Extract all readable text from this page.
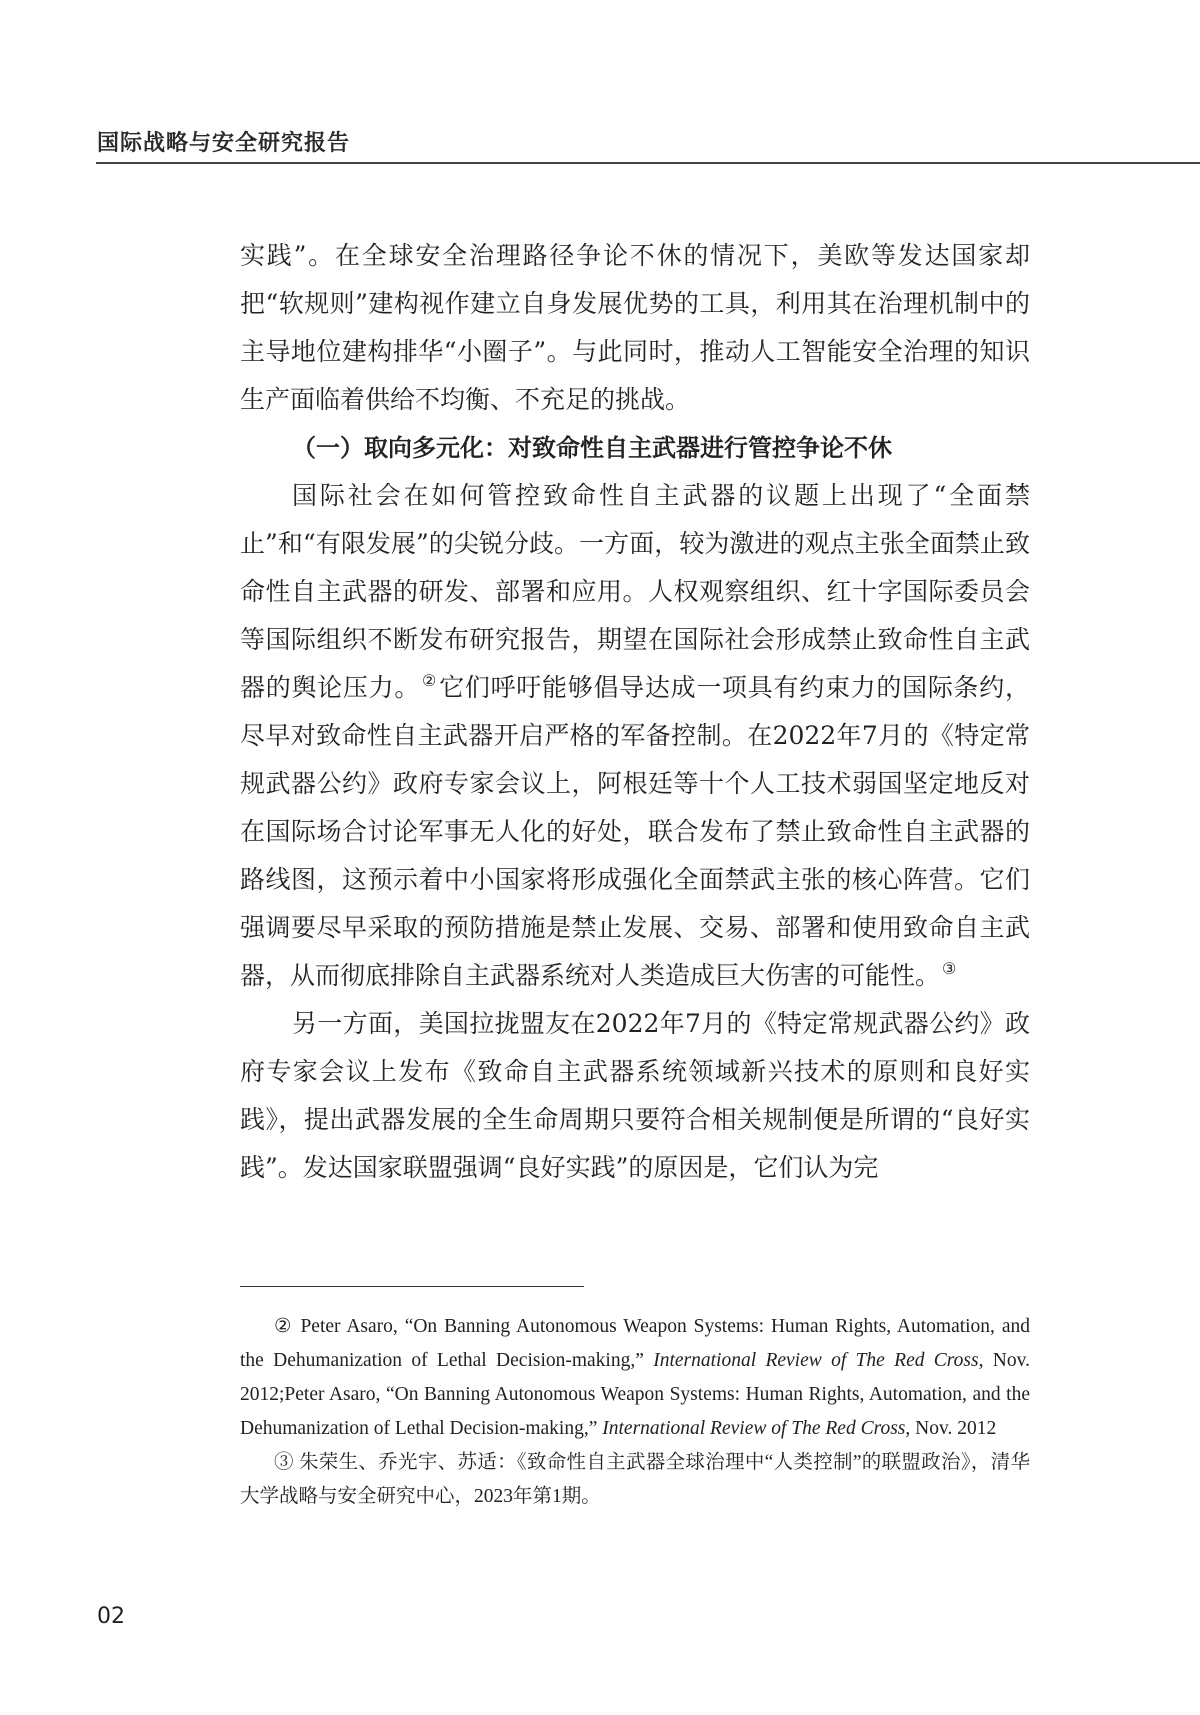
国际战略与安全研究报告

实践”。在全球安全治理路径争论不休的情况下，美欧等发达国家却把“软规则”建构视作建立自身发展优势的工具，利用其在治理机制中的主导地位建构排华“小圈子”。与此同时，推动人工智能安全治理的知识生产面临着供给不均衡、不充足的挑战。

（一）取向多元化：对致命性自主武器进行管控争论不休

国际社会在如何管控致命性自主武器的议题上出现了“全面禁止”和“有限发展”的尖锐分歧。一方面，较为激进的观点主张全面禁止致命性自主武器的研发、部署和应用。人权观察组织、红十字国际委员会等国际组织不断发布研究报告，期望在国际社会形成禁止致命性自主武器的舆论压力。 ②它们呼吁能够倡导达成一项具有约束力的国际条约，尽早对致命性自主武器开启严格的军备控制。在2022年7月的《特定常规武器公约》政府专家会议上，阿根廷等十个人工技术弱国坚定地反对在国际场合讨论军事无人化的好处，联合发布了禁止致命性自主武器的路线图，这预示着中小国家将形成强化全面禁武主张的核心阵营。它们强调要尽早采取的预防措施是禁止发展、交易、部署和使用致命自主武器，从而彻底排除自主武器系统对人类造成巨大伤害的可能性。 ③

另一方面，美国拉拢盟友在2022年7月的《特定常规武器公约》政府专家会议上发布《致命自主武器系统领域新兴技术的原则和良好实践》，提出武器发展的全生命周期只要符合相关规制便是所谓的“良好实践”。发达国家联盟强调“良好实践”的原因是，它们认为完

② Peter Asaro, “On Banning Autonomous Weapon Systems: Human Rights, Automation, and the Dehumanization of Lethal Decision-making,” International Review of The Red Cross, Nov. 2012;Peter Asaro, “On Banning Autonomous Weapon Systems: Human Rights, Automation, and the Dehumanization of Lethal Decision-making,” International Review of The Red Cross, Nov. 2012

③ 朱荣生、乔光宇、苏适：《致命性自主武器全球治理中“人类控制”的联盟政治》，清华大学战略与安全研究中心，2023年第1期。

02
